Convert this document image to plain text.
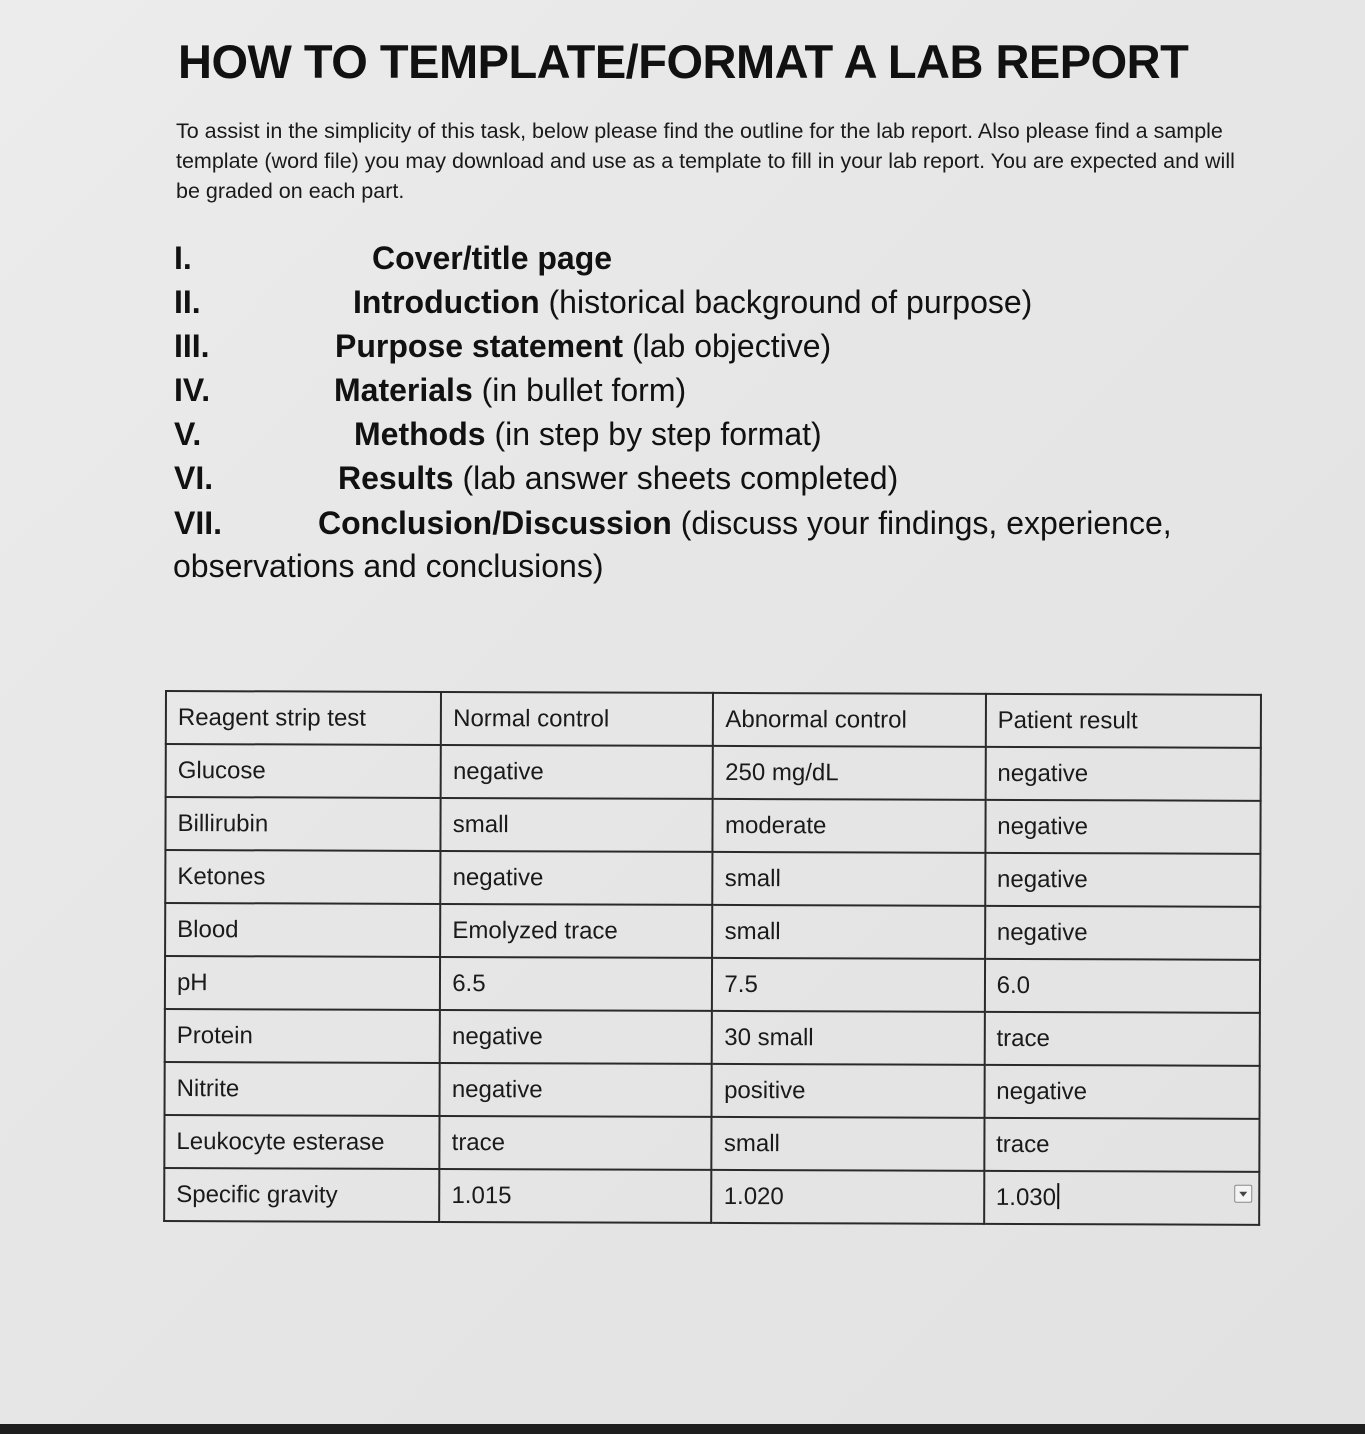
HOW TO TEMPLATE/FORMAT A LAB REPORT
To assist in the simplicity of this task, below please find the outline for the lab report. Also please find a sample template (word file) you may download and use as a template to fill in your lab report. You are expected and will be graded on each part.
I.	Cover/title page
II.	Introduction (historical background of purpose)
III.	Purpose statement (lab objective)
IV.	Materials (in bullet form)
V.	Methods (in step by step format)
VI.	Results (lab answer sheets completed)
VII.	Conclusion/Discussion (discuss your findings, experience,
observations and conclusions)
Reagent strip test	Normal control	Abnormal control	Patient result
Glucose	negative	250 mg/dL	negative
Billirubin	small	moderate	negative
Ketones	negative	small	negative
Blood	Emolyzed trace	small	negative
pH	6.5	7.5	6.0
Protein	negative	30 small	trace
Nitrite	negative	positive	negative
Leukocyte esterase	trace	small	trace
Specific gravity	1.015	1.020	1.030
